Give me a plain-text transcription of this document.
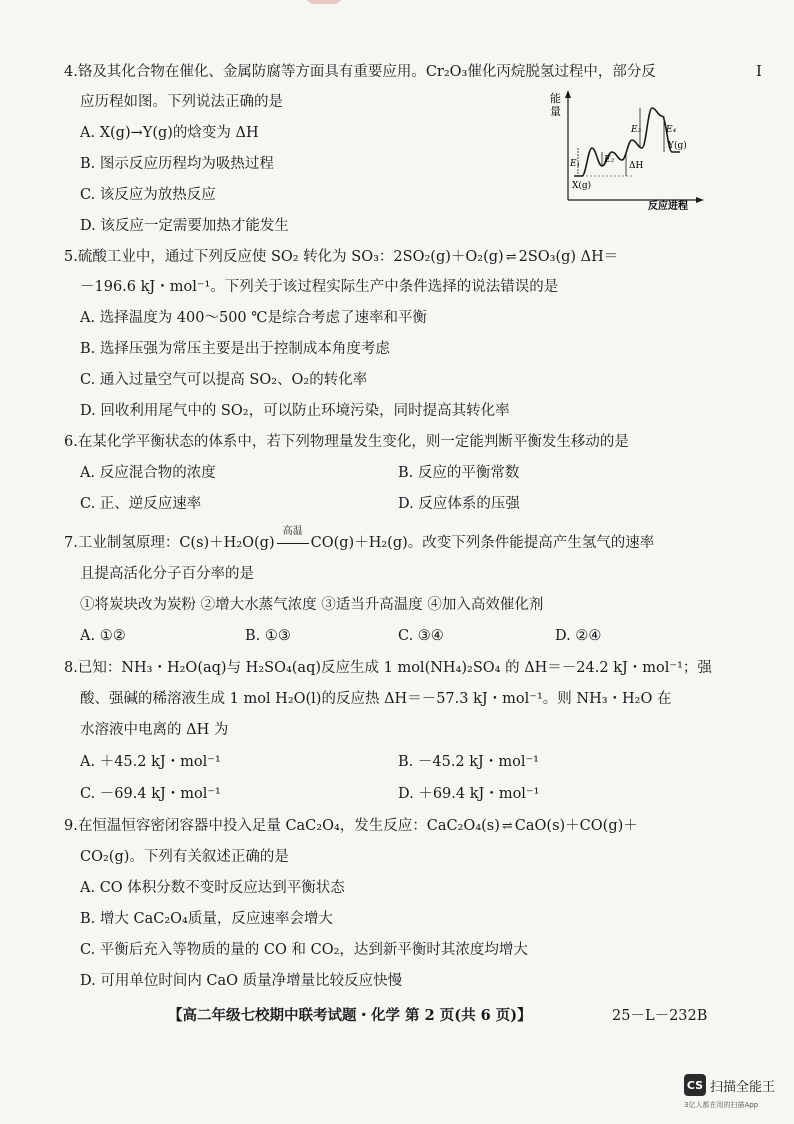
I
4.铬及其化合物在催化、金属防腐等方面具有重要应用。Cr₂O₃催化丙烷脱氢过程中，部分反
应历程如图。下列说法正确的是
A. X(g)→Y(g)的焓变为 ΔH
B. 图示反应历程均为吸热过程
C. 该反应为放热反应
D. 该反应一定需要加热才能发生
能
量
反应进程
E₁	E₂
E₃	E₄
ΔH
X(g)
Y(g)
5.硫酸工业中，通过下列反应使 SO₂ 转化为 SO₃：2SO₂(g)＋O₂(g) ⇌ 2SO₃(g) ΔH＝
－196.6 kJ・mol⁻¹。下列关于该过程实际生产中条件选择的说法错误的是
A. 选择温度为 400～500 ℃是综合考虑了速率和平衡
B. 选择压强为常压主要是出于控制成本角度考虑
C. 通入过量空气可以提高 SO₂、O₂的转化率
D. 回收利用尾气中的 SO₂，可以防止环境污染，同时提高其转化率
6.在某化学平衡状态的体系中，若下列物理量发生变化，则一定能判断平衡发生移动的是
A. 反应混合物的浓度	B. 反应的平衡常数
C. 正、逆反应速率	D. 反应体系的压强
7.工业制氢原理：C(s)＋H₂O(g)
高温
CO(g)＋H₂(g)。改变下列条件能提高产生氢气的速率
且提高活化分子百分率的是
①将炭块改为炭粉 ②增大水蒸气浓度 ③适当升高温度 ④加入高效催化剂
A. ①②	B. ①③	C. ③④	D. ②④
8.已知：NH₃・H₂O(aq)与 H₂SO₄(aq)反应生成 1 mol(NH₄)₂SO₄ 的 ΔH＝－24.2 kJ・mol⁻¹；强
酸、强碱的稀溶液生成 1 mol H₂O(l)的反应热 ΔH＝－57.3 kJ・mol⁻¹。则 NH₃・H₂O 在
水溶液中电离的 ΔH 为
A. ＋45.2 kJ・mol⁻¹	B. －45.2 kJ・mol⁻¹
C. －69.4 kJ・mol⁻¹	D. ＋69.4 kJ・mol⁻¹
9.在恒温恒容密闭容器中投入足量 CaC₂O₄，发生反应：CaC₂O₄(s) ⇌ CaO(s)＋CO(g)＋
CO₂(g)。下列有关叙述正确的是
A. CO 体积分数不变时反应达到平衡状态
B. 增大 CaC₂O₄质量，反应速率会增大
C. 平衡后充入等物质的量的 CO 和 CO₂，达到新平衡时其浓度均增大
D. 可用单位时间内 CaO 质量净增量比较反应快慢
【高二年级七校期中联考试题・化学 第 2 页(共 6 页)】	25－L－232B
CS 扫描全能王
3亿人都在用的扫描App
